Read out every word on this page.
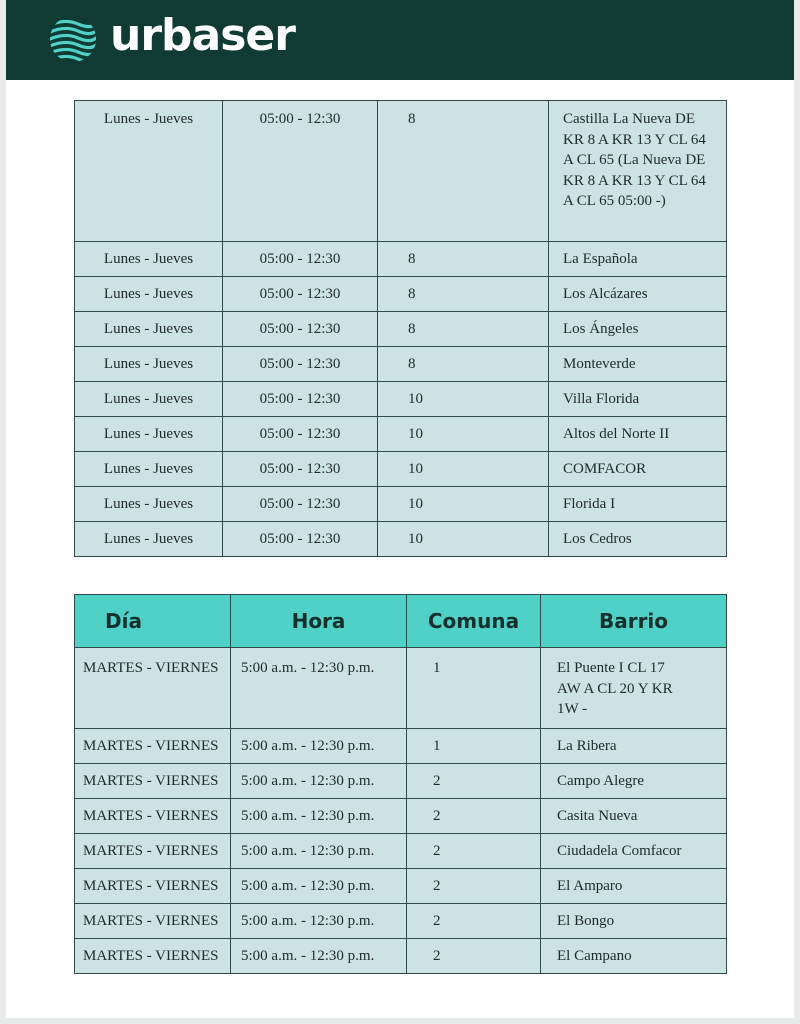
urbaser
Lunes - Jueves	05:00 - 12:30	8	Castilla La Nueva DE KR 8 A KR 13 Y CL 64 A CL 65 (La Nueva DE KR 8 A KR 13 Y CL 64 A CL 65 05:00 -)
Lunes - Jueves	05:00 - 12:30	8	La Española
Lunes - Jueves	05:00 - 12:30	8	Los Alcázares
Lunes - Jueves	05:00 - 12:30	8	Los Ángeles
Lunes - Jueves	05:00 - 12:30	8	Monteverde
Lunes - Jueves	05:00 - 12:30	10	Villa Florida
Lunes - Jueves	05:00 - 12:30	10	Altos del Norte II
Lunes - Jueves	05:00 - 12:30	10	COMFACOR
Lunes - Jueves	05:00 - 12:30	10	Florida I
Lunes - Jueves	05:00 - 12:30	10	Los Cedros
Día	Hora	Comuna	Barrio
MARTES - VIERNES	5:00 a.m. - 12:30 p.m.	1	El Puente I CL 17 AW A CL 20 Y KR 1W -
MARTES - VIERNES	5:00 a.m. - 12:30 p.m.	1	La Ribera
MARTES - VIERNES	5:00 a.m. - 12:30 p.m.	2	Campo Alegre
MARTES - VIERNES	5:00 a.m. - 12:30 p.m.	2	Casita Nueva
MARTES - VIERNES	5:00 a.m. - 12:30 p.m.	2	Ciudadela Comfacor
MARTES - VIERNES	5:00 a.m. - 12:30 p.m.	2	El Amparo
MARTES - VIERNES	5:00 a.m. - 12:30 p.m.	2	El Bongo
MARTES - VIERNES	5:00 a.m. - 12:30 p.m.	2	El Campano
